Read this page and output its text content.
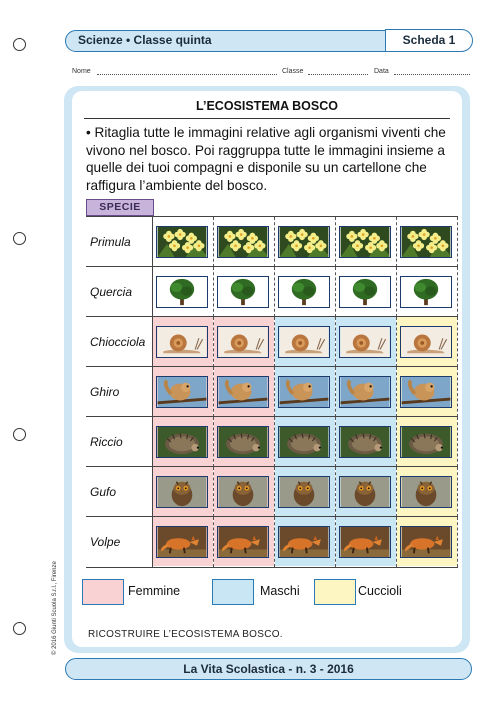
Scienze • Classe quinta	Scheda 1
Nome	Classe	Data
L’ECOSISTEMA BOSCO
• Ritaglia tutte le immagini relative agli organismi viventi che vivono nel bosco. Poi raggruppa tutte le immagini insieme a quelle dei tuoi compagni e disponile su un cartellone che raffigura l’ambiente del bosco.
SPECIE
Primula
Quercia
Chiocciola
Ghiro
Riccio
Gufo
Volpe
Femmine	Maschi	Cuccioli
RICOSTRUIRE L’ECOSISTEMA BOSCO.
© 2016 Giunti Scuola S.r.l., Firenze
La Vita Scolastica - n. 3 - 2016
